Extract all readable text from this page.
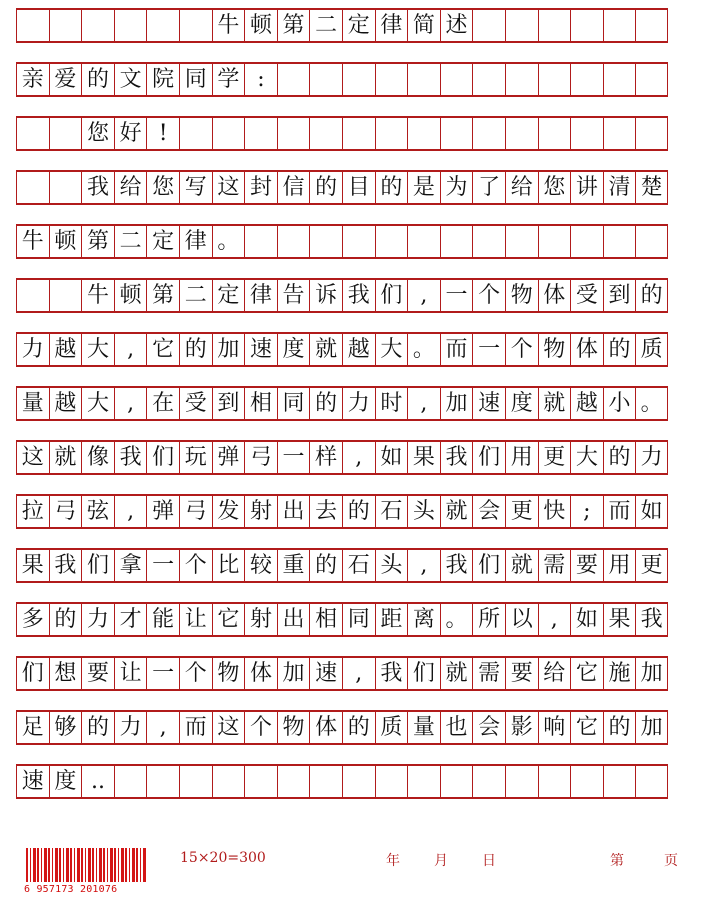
牛 顿 第 二 定 律 简 述
亲 爱 的 文 院 同 学 :
您 好 !
我 给 您 写 这 封 信 的 目 的 是 为 了 给 您 讲 清 楚
牛 顿 第 二 定 律 。
牛 顿 第 二 定 律 告 诉 我 们 , 一 个 物 体 受 到 的
力 越 大 , 它 的 加 速 度 就 越 大 。 而 一 个 物 体 的 质
量 越 大 , 在 受 到 相 同 的 力 时 , 加 速 度 就 越 小 。
这 就 像 我 们 玩 弹 弓 一 样 , 如 果 我 们 用 更 大 的 力
拉 弓 弦 , 弹 弓 发 射 出 去 的 石 头 就 会 更 快 ; 而 如
果 我 们 拿 一 个 比 较 重 的 石 头 , 我 们 就 需 要 用 更
多 的 力 才 能 让 它 射 出 相 同 距 离 。 所 以 , 如 果 我
们 想 要 让 一 个 物 体 加 速 , 我 们 就 需 要 给 它 施 加
足 够 的 力 , 而 这 个 物 体 的 质 量 也 会 影 响 它 的 加
速 度 ..
6 957173 201076
15×20=300	年 月 日	第	页
